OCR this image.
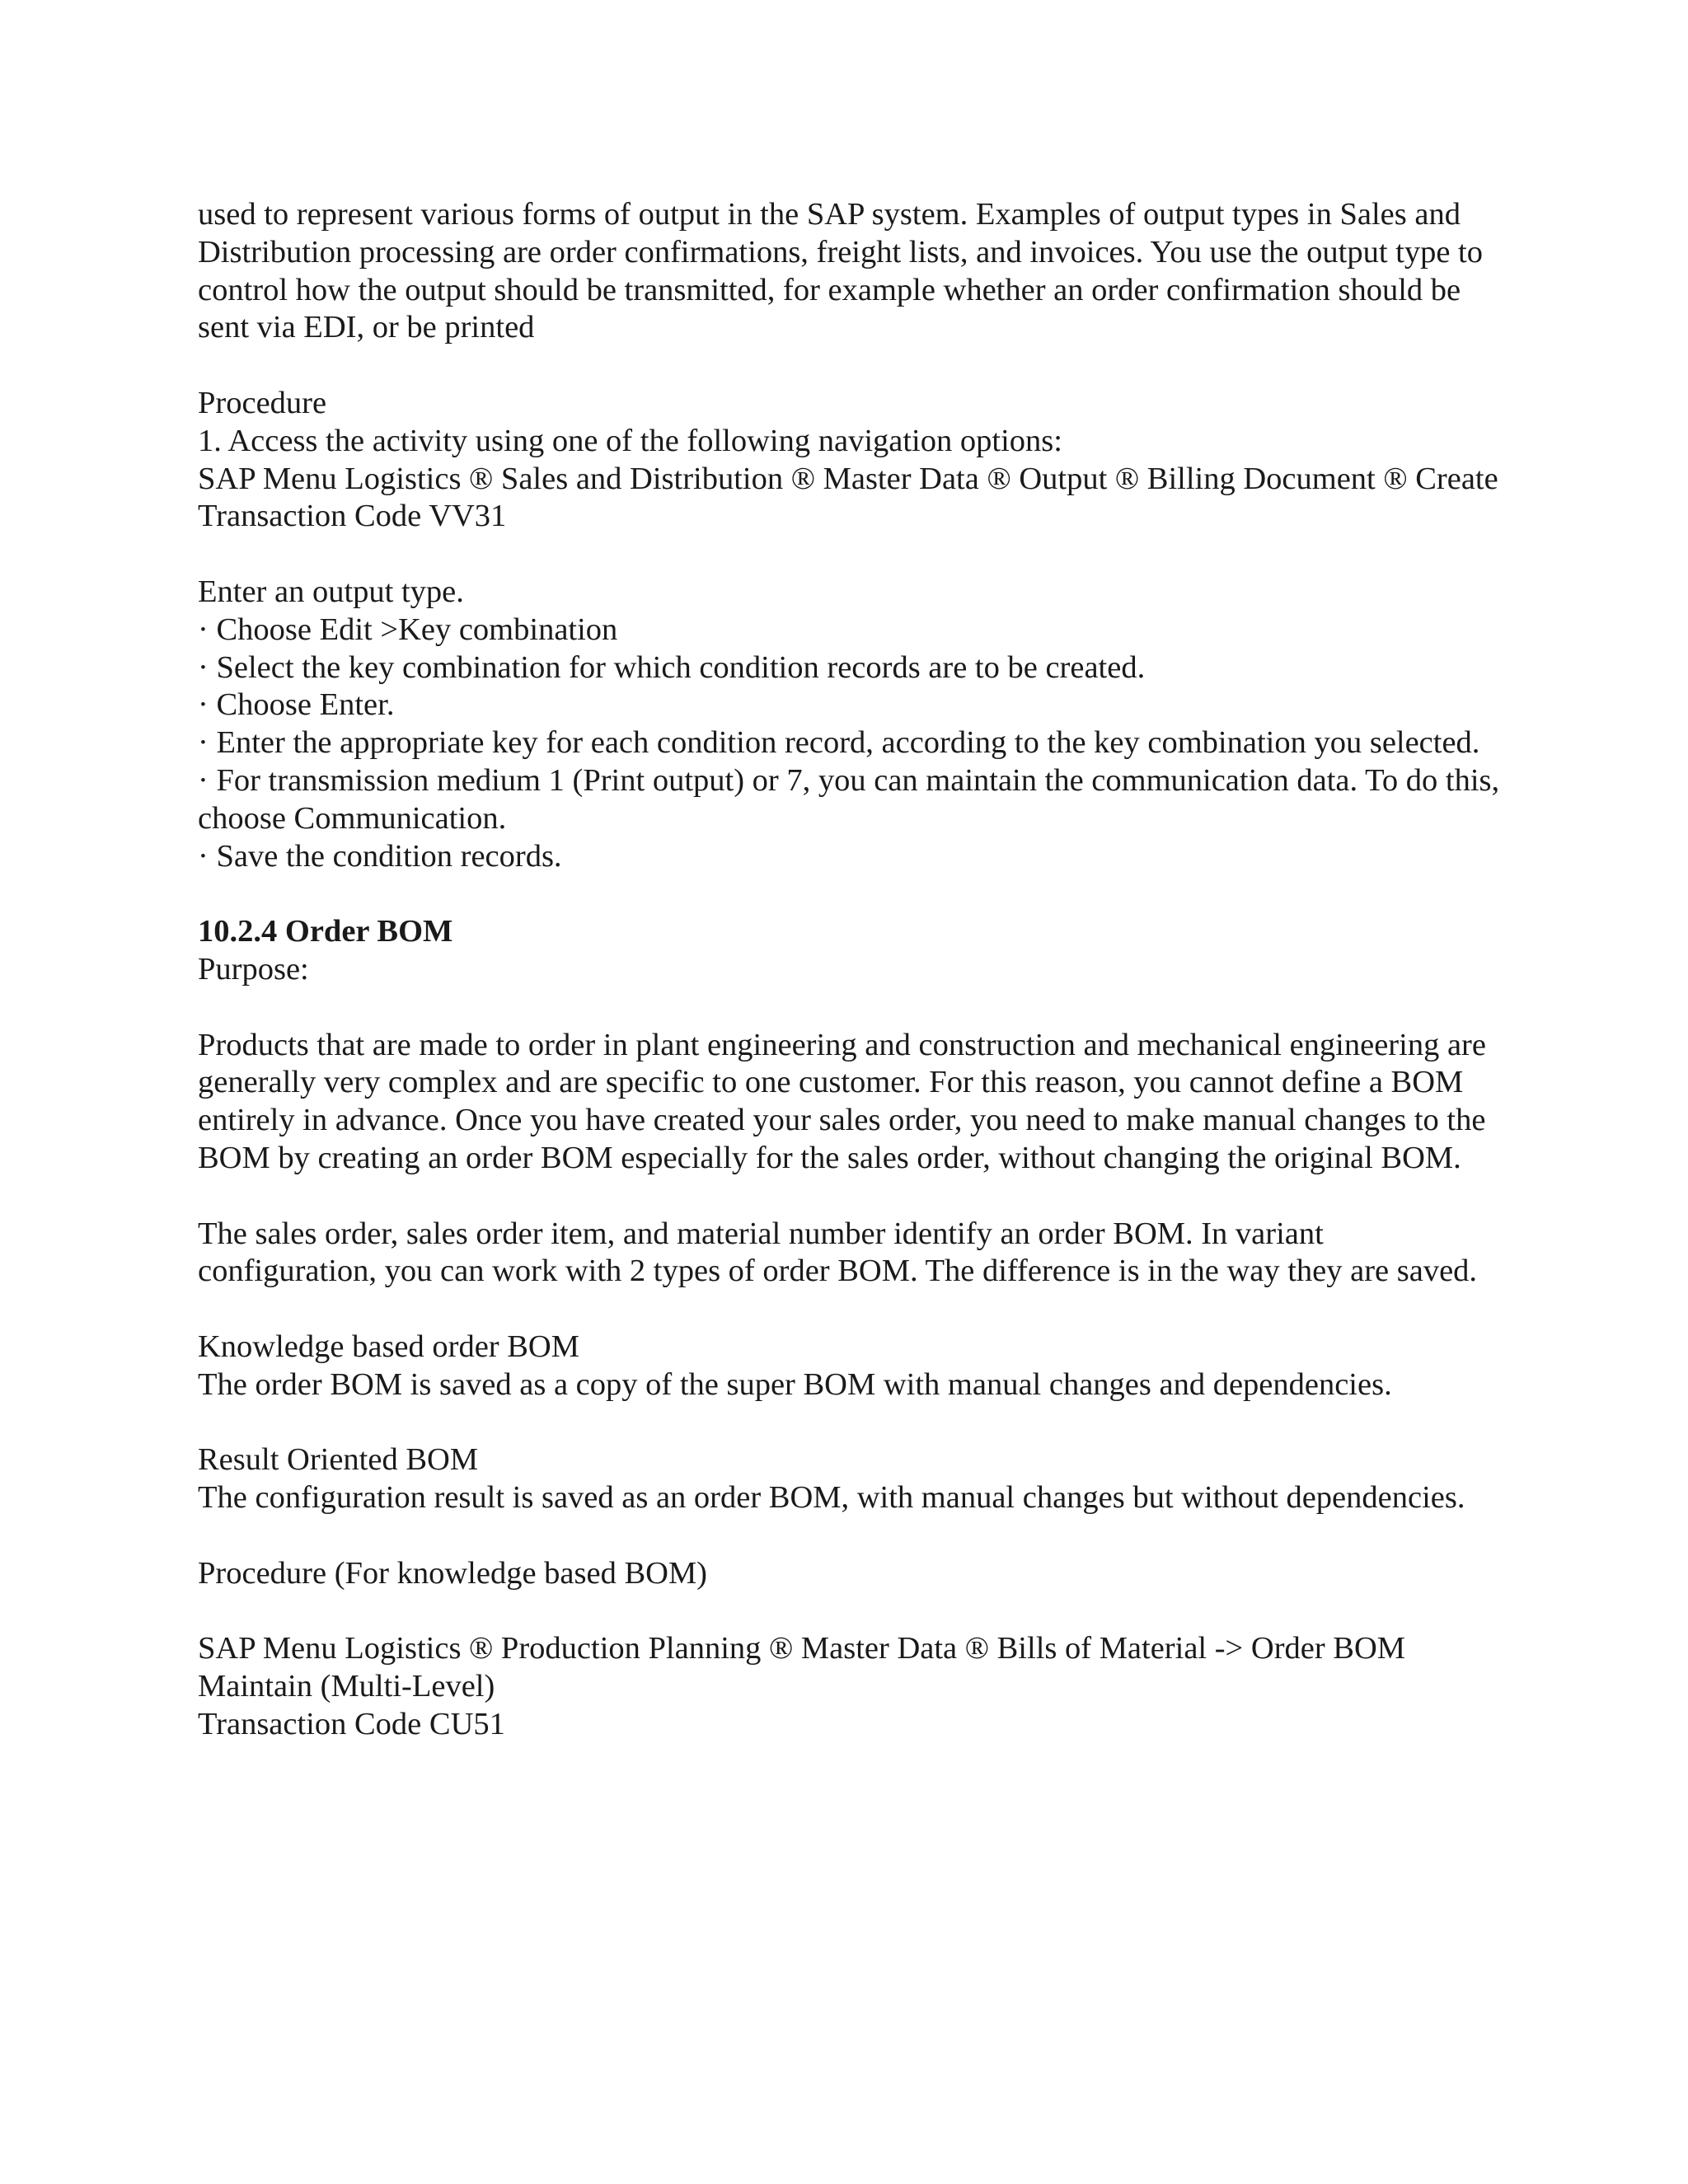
used to represent various forms of output in the SAP system. Examples of output types in Sales and Distribution processing are order confirmations, freight lists, and invoices. You use the output type to control how the output should be transmitted, for example whether an order confirmation should be sent via EDI, or be printed

Procedure

1. Access the activity using one of the following navigation options:

SAP Menu Logistics ® Sales and Distribution ® Master Data ® Output ® Billing Document ® Create

Transaction Code VV31

Enter an output type.

· Choose Edit >Key combination

· Select the key combination for which condition records are to be created.

· Choose Enter.

· Enter the appropriate key for each condition record, according to the key combination you selected.

· For transmission medium 1 (Print output) or 7, you can maintain the communication data. To do this, choose Communication.

· Save the condition records.

10.2.4 Order BOM

Purpose:

Products that are made to order in plant engineering and construction and mechanical engineering are generally very complex and are specific to one customer. For this reason, you cannot define a BOM entirely in advance. Once you have created your sales order, you need to make manual changes to the BOM by creating an order BOM especially for the sales order, without changing the original BOM.

The sales order, sales order item, and material number identify an order BOM. In variant configuration, you can work with 2 types of order BOM. The difference is in the way they are saved.

Knowledge based order BOM

The order BOM is saved as a copy of the super BOM with manual changes and dependencies.

Result Oriented BOM

The configuration result is saved as an order BOM, with manual changes but without dependencies.

Procedure (For knowledge based BOM)

SAP Menu Logistics ® Production Planning ® Master Data ® Bills of Material -> Order BOM Maintain (Multi-Level)

Transaction Code CU51
